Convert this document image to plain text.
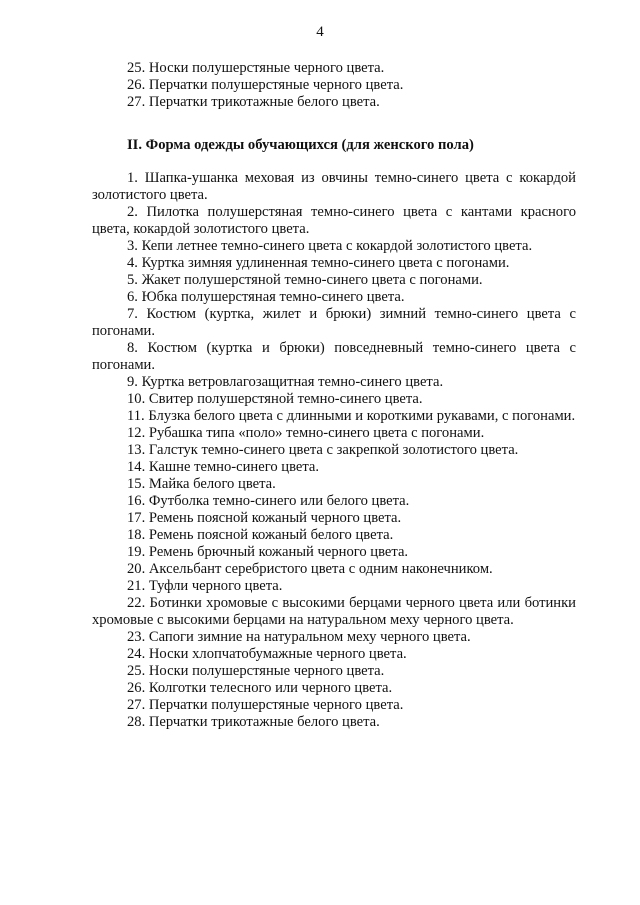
4

25. Носки полушерстяные черного цвета.

26. Перчатки полушерстяные черного цвета.

27. Перчатки трикотажные белого цвета.

II. Форма одежды обучающихся (для женского пола)

1. Шапка-ушанка меховая из овчины темно-синего цвета с кокардой золотистого цвета.

2. Пилотка полушерстяная темно-синего цвета с кантами красного цвета, кокардой золотистого цвета.

3. Кепи летнее темно-синего цвета с кокардой золотистого цвета.

4. Куртка зимняя удлиненная темно-синего цвета с погонами.

5. Жакет полушерстяной темно-синего цвета с погонами.

6. Юбка полушерстяная темно-синего цвета.

7. Костюм (куртка, жилет и брюки) зимний темно-синего цвета с погонами.

8. Костюм (куртка и брюки) повседневный темно-синего цвета с погонами.

9. Куртка ветровлагозащитная темно-синего цвета.

10. Свитер полушерстяной темно-синего цвета.

11. Блузка белого цвета с длинными и короткими рукавами, с погонами.

12. Рубашка типа «поло» темно-синего цвета с погонами.

13. Галстук темно-синего цвета с закрепкой золотистого цвета.

14. Кашне темно-синего цвета.

15. Майка белого цвета.

16. Футболка темно-синего или белого цвета.

17. Ремень поясной кожаный черного цвета.

18. Ремень поясной кожаный белого цвета.

19. Ремень брючный кожаный черного цвета.

20. Аксельбант серебристого цвета с одним наконечником.

21. Туфли черного цвета.

22. Ботинки хромовые с высокими берцами черного цвета или ботинки хромовые с высокими берцами на натуральном меху черного цвета.

23. Сапоги зимние на натуральном меху черного цвета.

24. Носки хлопчатобумажные черного цвета.

25. Носки полушерстяные черного цвета.

26. Колготки телесного или черного цвета.

27. Перчатки полушерстяные черного цвета.

28. Перчатки трикотажные белого цвета.
